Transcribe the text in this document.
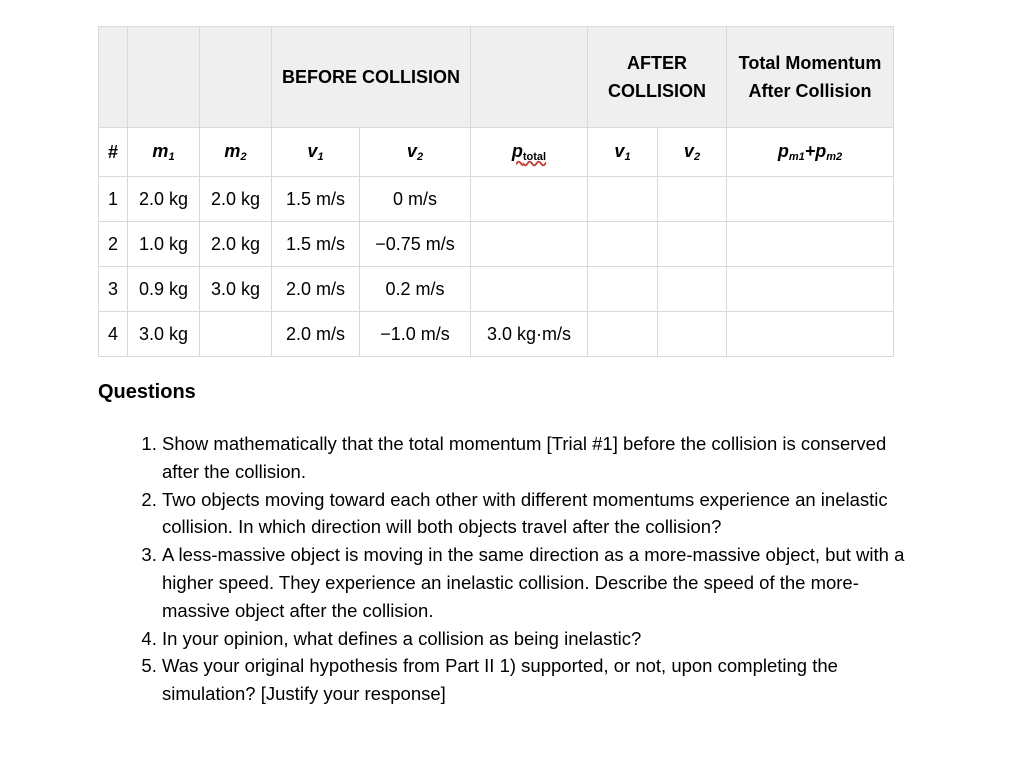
			BEFORE COLLISION			AFTER COLLISION		Total Momentum After Collision
#	$m_1$	$m_2$	$v_1$	$v_2$	$p_{total}$	$v_1$	$v_2$	$p_{m1}+p_{m2}$
1	2.0 kg	2.0 kg	1.5 m/s	0 m/s				
2	1.0 kg	2.0 kg	1.5 m/s	−0.75 m/s				
3	0.9 kg	3.0 kg	2.0 m/s	0.2 m/s				
4	3.0 kg		2.0 m/s	−1.0 m/s	3.0 kg·m/s			
Questions
1. Show mathematically that the total momentum [Trial #1] before the collision is conserved after the collision.
2. Two objects moving toward each other with different momentums experience an inelastic collision. In which direction will both objects travel after the collision?
3. A less-massive object is moving in the same direction as a more-massive object, but with a higher speed. They experience an inelastic collision. Describe the speed of the more-massive object after the collision.
4. In your opinion, what defines a collision as being inelastic?
5. Was your original hypothesis from Part II 1) supported, or not, upon completing the simulation? [Justify your response]
